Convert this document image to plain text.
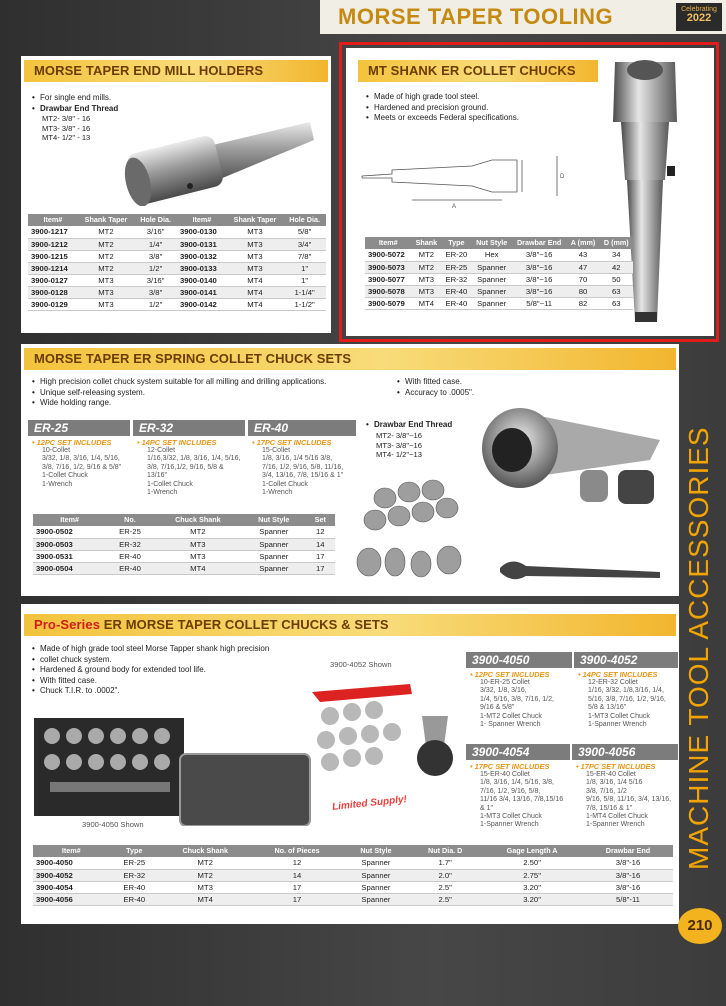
MORSE TAPER TOOLING	Celebrating
2022
MORSE TAPER END MILL HOLDERS
• For single end mills.
• Drawbar End Thread
MT2- 3/8" - 16
MT3- 3/8" - 16
MT4- 1/2" - 13
Item#	Shank Taper	Hole Dia.	Item#	Shank Taper	Hole Dia.
3900-1217	MT2	3/16"	3900-0130	MT3	5/8"
3900-1212	MT2	1/4"	3900-0131	MT3	3/4"
3900-1215	MT2	3/8"	3900-0132	MT3	7/8"
3900-1214	MT2	1/2"	3900-0133	MT3	1"
3900-0127	MT3	3/16"	3900-0140	MT4	1"
3900-0128	MT3	3/8"	3900-0141	MT4	1-1/4"
3900-0129	MT3	1/2"	3900-0142	MT4	1-1/2"
MT SHANK ER COLLET CHUCKS
• Made of high grade tool steel.
• Hardened and precision ground.
• Meets or exceeds Federal specifications.
A
D
Item#	Shank	Type	Nut Style	Drawbar End	A (mm)	D (mm)
3900-5072	MT2	ER-20	Hex	3/8"~16	43	34
3900-5073	MT2	ER-25	Spanner	3/8"~16	47	42
3900-5077	MT3	ER-32	Spanner	3/8"~16	70	50
3900-5078	MT3	ER-40	Spanner	3/8"~16	80	63
3900-5079	MT4	ER-40	Spanner	5/8"~11	82	63
MORSE TAPER ER SPRING COLLET CHUCK SETS
• High precision collet chuck system suitable for all milling and drilling applications.
• Unique self-releasing system.
• Wide holding range.
• With fitted case.
• Accuracy to .0005".
ER-25
• 12PC SET INCLUDES
10-Collet
3/32, 1/8, 3/16, 1/4, 5/16,
3/8, 7/16, 1/2, 9/16 & 5/8"
1-Collet Chuck
1-Wrench
ER-32
• 14PC SET INCLUDES
12-Collet
1/16,3/32, 1/8, 3/16, 1/4, 5/16,
3/8, 7/16,1/2, 9/16, 5/8 & 13/16"
1-Collet Chuck
1-Wrench
ER-40
• 17PC SET INCLUDES
15-Collet
1/8, 3/16, 1/4 5/16 3/8,
7/16, 1/2, 9/16, 5/8, 11/16,
3/4, 13/16, 7/8, 15/16 & 1"
1-Collet Chuck
1-Wrench
• Drawbar End Thread
MT2- 3/8"~16
MT3- 3/8"~16
MT4- 1/2"~13
Item#	No.	Chuck Shank	Nut Style	Set
3900-0502	ER-25	MT2	Spanner	12
3900-0503	ER-32	MT3	Spanner	14
3900-0531	ER-40	MT3	Spanner	17
3900-0504	ER-40	MT4	Spanner	17
Pro-Series ER MORSE TAPER COLLET CHUCKS & SETS
• Made of high grade tool steel Morse Tapper shank high precision
• collet chuck system.
• Hardened & ground body for extended tool life.
• With fitted case.
• Chuck T.I.R. to .0002".
3900-4052 Shown
Limited Supply!
3900-4050 Shown
3900-4050
• 12PC SET INCLUDES
10-ER-25 Collet
3/32, 1/8, 3/16,
1/4, 5/16, 3/8, 7/16, 1/2,
9/16 & 5/8"
1-MT2 Collet Chuck
1- Spanner Wrench
3900-4052
• 14PC SET INCLUDES
12-ER-32 Collet
1/16, 3/32, 1/8,3/16, 1/4,
5/16, 3/8, 7/16, 1/2, 9/16,
5/8 & 13/16"
1-MT3 Collet Chuck
1-Spanner Wrench
3900-4054
• 17PC SET INCLUDES
15-ER-40 Collet
1/8, 3/16, 1/4, 5/16, 3/8,
7/16, 1/2, 9/16, 5/8,
11/16 3/4, 13/16, 7/8,15/16
& 1"
1-MT3 Collet Chuck
1-Spanner Wrench
3900-4056
• 17PC SET INCLUDES
15-ER-40 Collet
1/8, 3/16, 1/4 5/16
3/8, 7/16, 1/2
9/16, 5/8, 11/16, 3/4, 13/16,
7/8, 15/16 & 1"
1-MT4 Collet Chuck
1-Spanner Wrench
Item#	Type	Chuck Shank	No. of Pieces	Nut Style	Nut Dia. D	Gage Length A	Drawbar End
3900-4050	ER-25	MT2	12	Spanner	1.7"	2.50"	3/8"-16
3900-4052	ER-32	MT2	14	Spanner	2.0"	2.75"	3/8"-16
3900-4054	ER-40	MT3	17	Spanner	2.5"	3.20"	3/8"-16
3900-4056	ER-40	MT4	17	Spanner	2.5"	3.20"	5/8"-11
MACHINE TOOL ACCESSORIES
210
